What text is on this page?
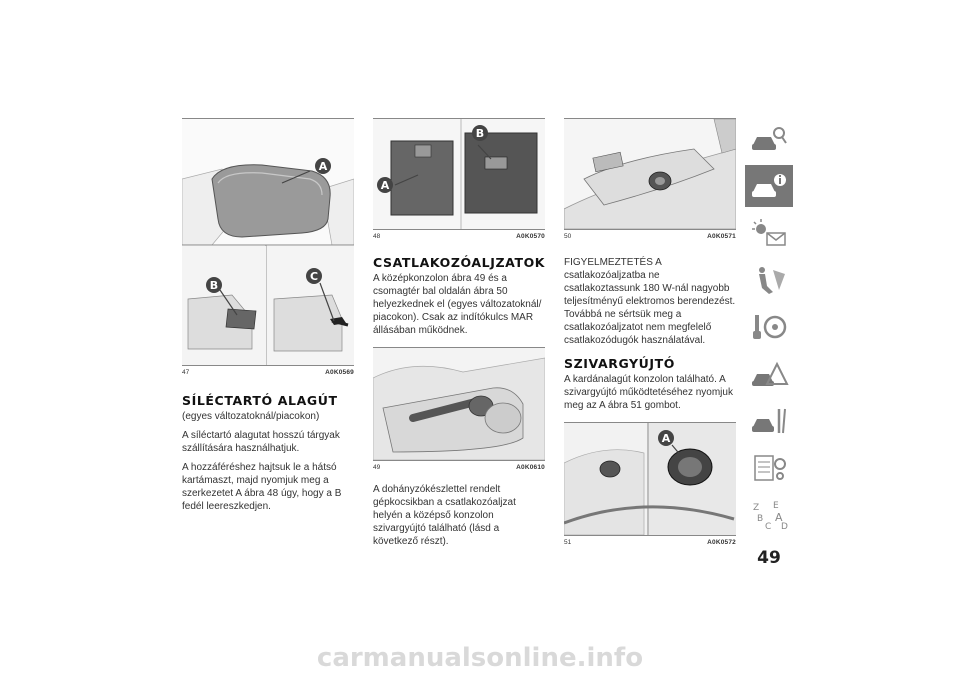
A
B
C
47	A0K0569
SÍLÉCTARTÓ ALAGÚT
(egyes változatoknál/piacokon)

A síléctartó alagutat hosszú tárgyak szállítására használhatjuk.

A hozzáféréshez hajtsuk le a hátsó kartámaszt, majd nyomjuk meg a szerkezetet A ábra 48 úgy, hogy a B fedél leereszkedjen.

A
B
48	A0K0570
CSATLAKOZÓALJZATOK

A középkonzolon ábra 49 és a csomagtér bal oldalán ábra 50 helyezkednek el (egyes változatoknál/ piacokon). Csak az indítókulcs MAR állásában működnek.

49	A0K0610

A dohányzókészlettel rendelt gépkocsikban a csatlakozóaljzat helyén a középső konzolon szivargyújtó található (lásd a következő részt).

50	A0K0571

FIGYELMEZTETÉS A csatlakozóaljzatba ne csatlakoztassunk 180 W-nál nagyobb teljesítményű elektromos berendezést. Továbbá ne sértsük meg a csatlakozóaljzatot nem megfelelő csatlakozódugók használatával.

SZIVARGYÚJTÓ

A kardánalagút konzolon található. A szivargyújtó működtetéséhez nyomjuk meg az A ábra 51 gombot.

A
51	A0K0572
Z E
B A
C D
49
carmanualsonline.info
